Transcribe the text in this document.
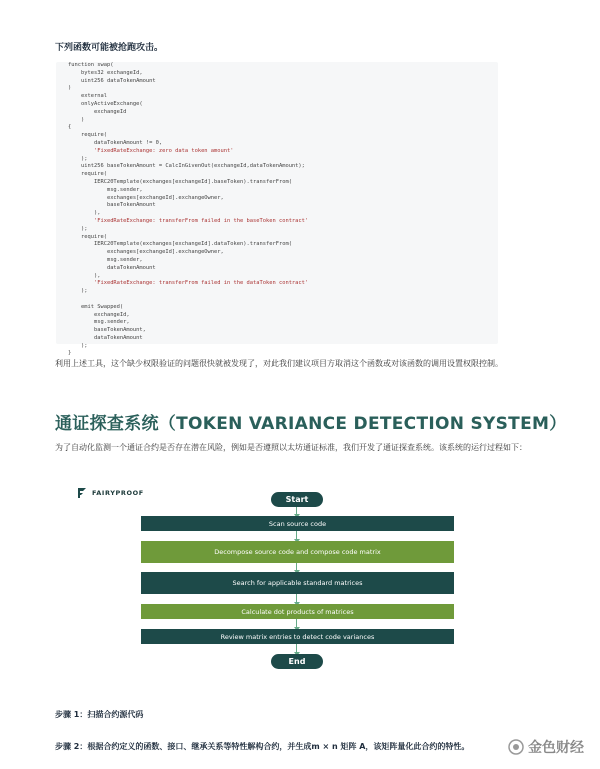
下列函数可能被抢跑攻击。
function swap(
bytes32 exchangeId,
uint256 dataTokenAmount
)
external
onlyActiveExchange(
exchangeId
)
{
require(
dataTokenAmount != 0,
'FixedRateExchange: zero data token amount'
);
uint256 baseTokenAmount = CalcInGivenOut(exchangeId,dataTokenAmount);
require(
IERC20Template(exchanges[exchangeId].baseToken).transferFrom(
msg.sender,
exchanges[exchangeId].exchangeOwner,
baseTokenAmount
),
'FixedRateExchange: transferFrom failed in the baseToken contract'
);
require(
IERC20Template(exchanges[exchangeId].dataToken).transferFrom(
exchanges[exchangeId].exchangeOwner,
msg.sender,
dataTokenAmount
),
'FixedRateExchange: transferFrom failed in the dataToken contract'
);

emit Swapped(
exchangeId,
msg.sender,
baseTokenAmount,
dataTokenAmount
);
}
利用上述工具，这个缺少权限验证的问题很快就被发现了，对此我们建议项目方取消这个函数或对该函数的调用设置权限控制。
通证探查系统（TOKEN VARIANCE DETECTION SYSTEM）
为了自动化监测一个通证合约是否存在潜在风险，例如是否遵照以太坊通证标准，我们开发了通证探查系统。该系统的运行过程如下：
FAIRYPROOF
Start
Scan source code
Decompose source code and compose code matrix
Search for applicable standard matrices
Calculate dot products of matrices
Review matrix entries to detect code variances
End
步骤 1：扫描合约源代码
步骤 2：根据合约定义的函数、接口、继承关系等特性解构合约，并生成m × n 矩阵 A，该矩阵量化此合约的特性。	金色财经
